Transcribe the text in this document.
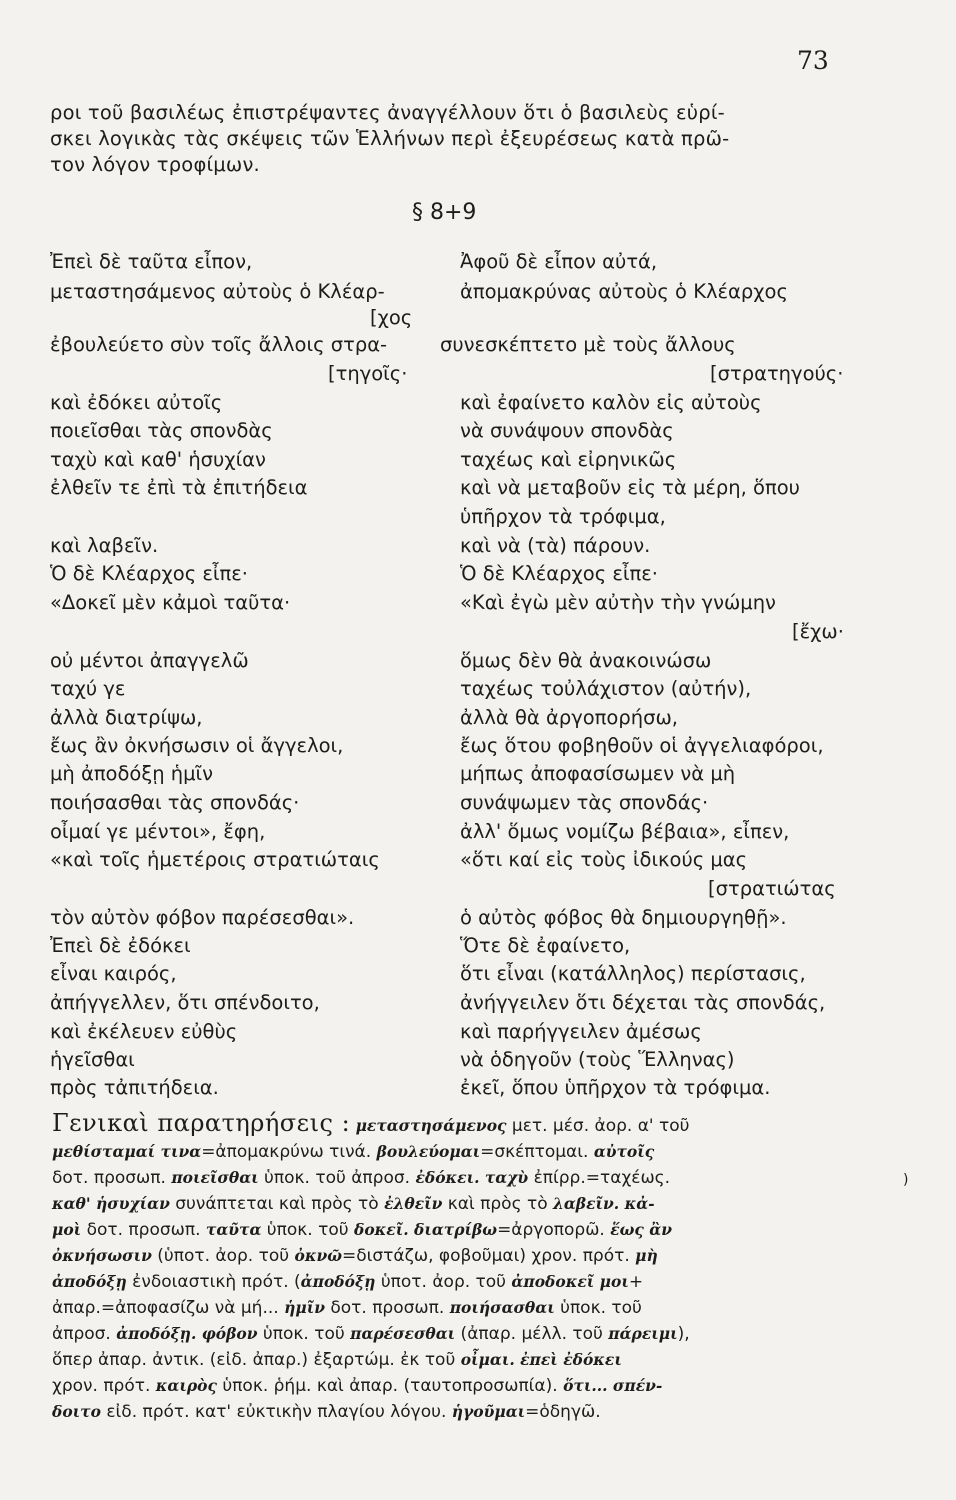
73
ροι τοῦ βασιλέως ἐπιστρέψαντες ἀναγγέλλουν ὅτι ὁ βασιλεὺς εὑρί-
σκει λογικὰς τὰς σκέψεις τῶν Ἑλλήνων περὶ ἐξευρέσεως κατὰ πρῶ-
τον λόγον τροφίμων.
§ 8+9
Ἐπεὶ δὲ ταῦτα εἶπον,
μεταστησάμενος αὐτοὺς ὁ Κλέαρ-
[χος
ἐβουλεύετο σὺν τοῖς ἄλλοις στρα-
[τηγοῖς·
καὶ ἐδόκει αὐτοῖς
ποιεῖσθαι τὰς σπονδὰς
ταχὺ καὶ καθ' ἡσυχίαν
ἐλθεῖν τε ἐπὶ τὰ ἐπιτήδεια
καὶ λαβεῖν.
Ὁ δὲ Κλέαρχος εἶπε·
«Δοκεῖ μὲν κἀμοὶ ταῦτα·
οὐ μέντοι ἀπαγγελῶ
ταχύ γε
ἀλλὰ διατρίψω,
ἔως ἂν ὀκνήσωσιν οἱ ἄγγελοι,
μὴ ἀποδόξῃ ἡμῖν
ποιήσασθαι τὰς σπονδάς·
οἶμαί γε μέντοι», ἔφη,
«καὶ τοῖς ἡμετέροις στρατιώταις
τὸν αὐτὸν φόβον παρέσεσθαι».
Ἐπεὶ δὲ ἐδόκει
εἶναι καιρός,
ἀπήγγελλεν, ὅτι σπένδοιτο,
καὶ ἐκέλευεν εὐθὺς
ἡγεῖσθαι
πρὸς τἀπιτήδεια.
Ἀφοῦ δὲ εἶπον αὐτά,
ἀπομακρύνας αὐτοὺς ὁ Κλέαρχος
συνεσκέπτετο μὲ τοὺς ἄλλους
[στρατηγούς·
καὶ ἐφαίνετο καλὸν εἰς αὐτοὺς
νὰ συνάψουν σπονδὰς
ταχέως καὶ εἰρηνικῶς
καὶ νὰ μεταβοῦν εἰς τὰ μέρη, ὅπου
ὑπῆρχον τὰ τρόφιμα,
καὶ νὰ (τὰ) πάρουν.
Ὁ δὲ Κλέαρχος εἶπε·
«Καὶ ἐγὼ μὲν αὐτὴν τὴν γνώμην
[ἔχω·
ὅμως δὲν θὰ ἀνακοινώσω
ταχέως τοὐλάχιστον (αὐτήν),
ἀλλὰ θὰ ἀργοπορήσω,
ἔως ὅτου φοβηθοῦν οἱ ἀγγελιαφόροι,
μήπως ἀποφασίσωμεν νὰ μὴ
συνάψωμεν τὰς σπονδάς·
ἀλλ' ὅμως νομίζω βέβαια», εἶπεν,
«ὅτι καί εἰς τοὺς ἰδικούς μας
[στρατιώτας
ὁ αὐτὸς φόβος θὰ δημιουργηθῇ».
Ὅτε δὲ ἐφαίνετο,
ὅτι εἶναι (κατάλληλος) περίστασις,
ἀνήγγειλεν ὅτι δέχεται τὰς σπονδάς,
καὶ παρήγγειλεν ἀμέσως
νὰ ὁδηγοῦν (τοὺς Ἕλληνας)
ἐκεῖ, ὅπου ὑπῆρχον τὰ τρόφιμα.
Γενικαὶ παρατηρήσεις : μεταστησάμενος μετ. μέσ. ἀορ. α' τοῦ
μεθίσταμαί τινα=ἀπομακρύνω τινά. βουλεύομαι=σκέπτομαι. αὐτοῖς
δοτ. προσωπ. ποιεῖσθαι ὑποκ. τοῦ ἀπροσ. ἐδόκει. ταχὺ ἐπίρρ.=ταχέως.
καθ' ἡσυχίαν συνάπτεται καὶ πρὸς τὸ ἐλθεῖν καὶ πρὸς τὸ λαβεῖν. κἀ-
μοὶ δοτ. προσωπ. ταῦτα ὑποκ. τοῦ δοκεῖ. διατρίβω=ἀργοπορῶ. ἕως ἂν
ὀκνήσωσιν (ὑποτ. ἀορ. τοῦ ὀκνῶ=διστάζω, φοβοῦμαι) χρον. πρότ. μὴ
ἀποδόξῃ ἐνδοιαστικὴ πρότ. (ἀποδόξῃ ὑποτ. ἀορ. τοῦ ἀποδοκεῖ μοι+
ἀπαρ.=ἀποφασίζω νὰ μή... ἡμῖν δοτ. προσωπ. ποιήσασθαι ὑποκ. τοῦ
ἀπροσ. ἀποδόξῃ. φόβον ὑποκ. τοῦ παρέσεσθαι (ἀπαρ. μέλλ. τοῦ πάρειμι),
ὅπερ ἀπαρ. ἀντικ. (εἰδ. ἀπαρ.) ἐξαρτώμ. ἐκ τοῦ οἶμαι. ἐπεὶ ἐδόκει
χρον. πρότ. καιρὸς ὑποκ. ῥήμ. καὶ ἀπαρ. (ταυτοπροσωπία). ὅτι... σπέν-
δοιτο εἰδ. πρότ. κατ' εὐκτικὴν πλαγίου λόγου. ἡγοῦμαι=ὁδηγῶ.
)
